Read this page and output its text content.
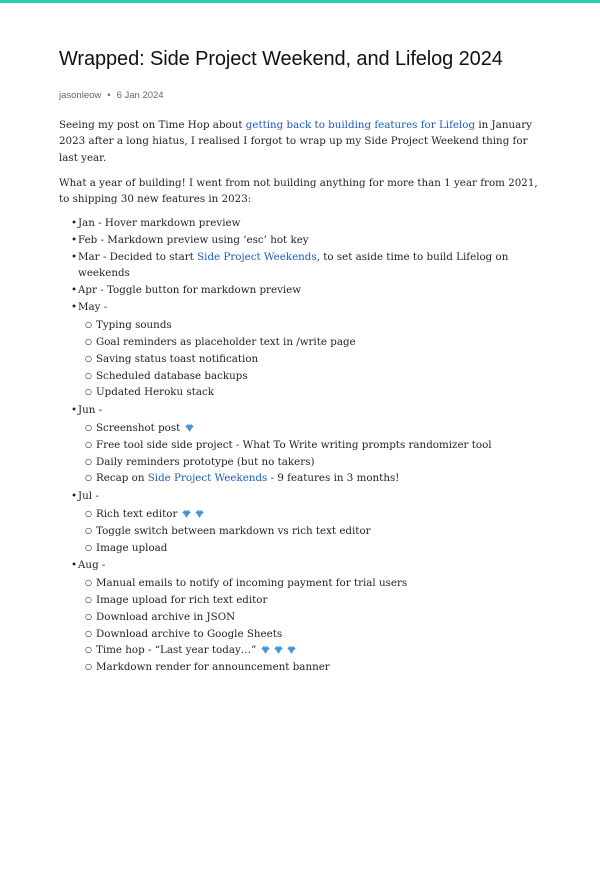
Wrapped: Side Project Weekend, and Lifelog 2024
jasonleow • 6 Jan 2024

Seeing my post on Time Hop about getting back to building features for Lifelog in January 2023 after a long hiatus, I realised I forgot to wrap up my Side Project Weekend thing for last year.

What a year of building! I went from not building anything for more than 1 year from 2021, to shipping 30 new features in 2023:

• Jan - Hover markdown preview
• Feb - Markdown preview using ‘esc’ hot key
• Mar - Decided to start Side Project Weekends, to set aside time to build Lifelog on weekends
• Apr - Toggle button for markdown preview
• May -
○ Typing sounds
○ Goal reminders as placeholder text in /write page
○ Saving status toast notification
○ Scheduled database backups
○ Updated Heroku stack
• Jun -
○ Screenshot post
○ Free tool side side project - What To Write writing prompts randomizer tool
○ Daily reminders prototype (but no takers)
○ Recap on Side Project Weekends - 9 features in 3 months!
• Jul -
○ Rich text editor

○ Toggle switch between markdown vs rich text editor
○ Image upload
• Aug -
○ Manual emails to notify of incoming payment for trial users
○ Image upload for rich text editor
○ Download archive in JSON
○ Download archive to Google Sheets
○ Time hop - “Last year today…”

○ Markdown render for announcement banner
